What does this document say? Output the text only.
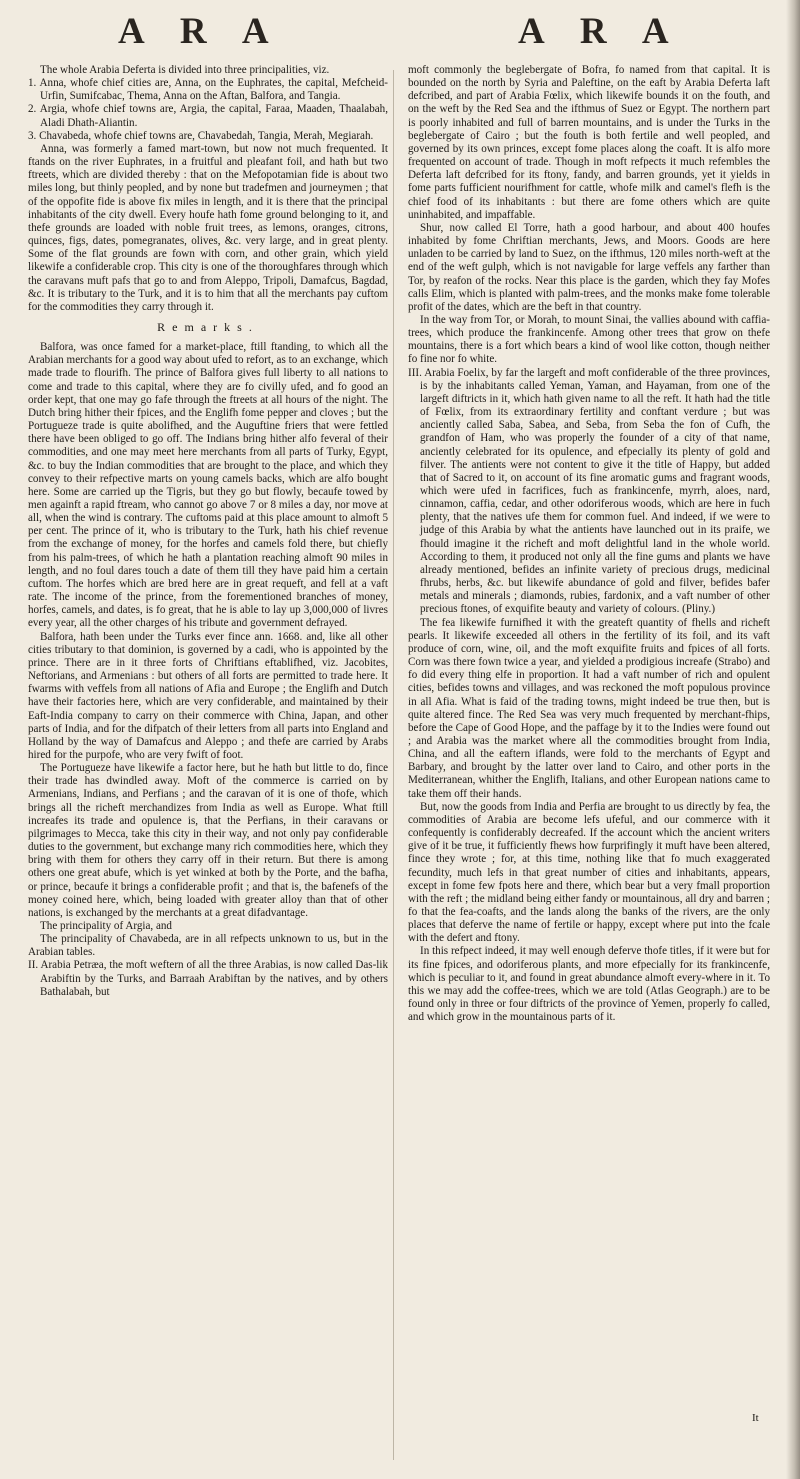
A R A	A R A

The whole Arabia Deferta is divided into three principalities, viz.

1. Anna, whofe chief cities are, Anna, on the Euphrates, the capital, Mefcheid-Urfin, Sumifcabac, Thema, Anna on the Aftan, Balfora, and Tangia.

2. Argia, whofe chief towns are, Argia, the capital, Faraa, Maaden, Thaalabah, Aladi Dhath-Aliantin.

3. Chavabeda, whofe chief towns are, Chavabedah, Tangia, Merah, Megiarah.

Anna, was formerly a famed mart-town, but now not much frequented. It ftands on the river Euphrates, in a fruitful and pleafant foil, and hath but two ftreets, which are divided thereby : that on the Mefopotamian fide is about two miles long, but thinly peopled, and by none but tradefmen and journeymen ; that of the oppofite fide is above fix miles in length, and it is there that the principal inhabitants of the city dwell. Every houfe hath fome ground belonging to it, and thefe grounds are loaded with noble fruit trees, as lemons, oranges, citrons, quinces, figs, dates, pomegranates, olives, &c. very large, and in great plenty. Some of the flat grounds are fown with corn, and other grain, which yield likewife a confiderable crop. This city is one of the thoroughfares through which the caravans muft pafs that go to and from Aleppo, Tripoli, Damafcus, Bagdad, &c. It is tributary to the Turk, and it is to him that all the merchants pay cuftom for the commodities they carry through it.

Remarks.

Balfora, was once famed for a market-place, ftill ftanding, to which all the Arabian merchants for a good way about ufed to refort, as to an exchange, which made trade to flourifh. The prince of Balfora gives full liberty to all nations to come and trade to this capital, where they are fo civilly ufed, and fo good an order kept, that one may go fafe through the ftreets at all hours of the night. The Dutch bring hither their fpices, and the Englifh fome pepper and cloves ; but the Portugueze trade is quite abolifhed, and the Auguftine friers that were fettled there have been obliged to go off. The Indians bring hither alfo feveral of their commodities, and one may meet here merchants from all parts of Turky, Egypt, &c. to buy the Indian commodities that are brought to the place, and which they convey to their refpective marts on young camels backs, which are alfo bought here. Some are carried up the Tigris, but they go but flowly, becaufe towed by men againft a rapid ftream, who cannot go above 7 or 8 miles a day, nor move at all, when the wind is contrary. The cuftoms paid at this place amount to almoft 5 per cent. The prince of it, who is tributary to the Turk, hath his chief revenue from the exchange of money, for the horfes and camels fold there, but chiefly from his palm-trees, of which he hath a plantation reaching almoft 90 miles in length, and no foul dares touch a date of them till they have paid him a certain cuftom. The horfes which are bred here are in great requeft, and fell at a vaft rate. The income of the prince, from the forementioned branches of money, horfes, camels, and dates, is fo great, that he is able to lay up 3,000,000 of livres every year, all the other charges of his tribute and government defrayed.

Balfora, hath been under the Turks ever fince ann. 1668. and, like all other cities tributary to that dominion, is governed by a cadi, who is appointed by the prince. There are in it three forts of Chriftians eftablifhed, viz. Jacobites, Neftorians, and Armenians : but others of all forts are permitted to trade here. It fwarms with veffels from all nations of Afia and Europe ; the Englifh and Dutch have their factories here, which are very confiderable, and maintained by their Eaft-India company to carry on their commerce with China, Japan, and other parts of India, and for the difpatch of their letters from all parts into England and Holland by the way of Damafcus and Aleppo ; and thefe are carried by Arabs hired for the purpofe, who are very fwift of foot.

The Portugueze have likewife a factor here, but he hath but little to do, fince their trade has dwindled away. Moft of the commerce is carried on by Armenians, Indians, and Perfians ; and the caravan of it is one of thofe, which brings all the richeft merchandizes from India as well as Europe. What ftill increafes its trade and opulence is, that the Perfians, in their caravans or pilgrimages to Mecca, take this city in their way, and not only pay confiderable duties to the government, but exchange many rich commodities here, which they bring with them for others they carry off in their return. But there is among others one great abufe, which is yet winked at both by the Porte, and the bafha, or prince, becaufe it brings a confiderable profit ; and that is, the bafenefs of the money coined here, which, being loaded with greater alloy than that of other nations, is exchanged by the merchants at a great difadvantage.

The principality of Argia, and

The principality of Chavabeda, are in all refpects unknown to us, but in the Arabian tables.

II. Arabia Petræa, the moft weftern of all the three Arabias, is now called Das-lik Arabiftin by the Turks, and Barraah Arabiftan by the natives, and by others Bathalabah, but

moft commonly the beglebergate of Bofra, fo named from that capital. It is bounded on the north by Syria and Paleftine, on the eaft by Arabia Deferta laft defcribed, and part of Arabia Fœlix, which likewife bounds it on the fouth, and on the weft by the Red Sea and the ifthmus of Suez or Egypt. The northern part is poorly inhabited and full of barren mountains, and is under the Turks in the beglebergate of Cairo ; but the fouth is both fertile and well peopled, and governed by its own princes, except fome places along the coaft. It is alfo more frequented on account of trade. Though in moft refpects it much refembles the Deferta laft defcribed for its ftony, fandy, and barren grounds, yet it yields in fome parts fufficient nourifhment for cattle, whofe milk and camel's flefh is the chief food of its inhabitants : but there are fome others which are quite uninhabited, and impaffable.

Shur, now called El Torre, hath a good harbour, and about 400 houfes inhabited by fome Chriftian merchants, Jews, and Moors. Goods are here unladen to be carried by land to Suez, on the ifthmus, 120 miles north-weft at the end of the weft gulph, which is not navigable for large veffels any farther than Tor, by reafon of the rocks. Near this place is the garden, which they fay Mofes calls Elim, which is planted with palm-trees, and the monks make fome tolerable profit of the dates, which are the beft in that country.

In the way from Tor, or Morah, to mount Sinai, the vallies abound with caffia-trees, which produce the frankincenfe. Among other trees that grow on thefe mountains, there is a fort which bears a kind of wool like cotton, though neither fo fine nor fo white.

III. Arabia Foelix, by far the largeft and moft confiderable of the three provinces, is by the inhabitants called Yeman, Yaman, and Hayaman, from one of the largeft diftricts in it, which hath given name to all the reft. It hath had the title of Fœlix, from its extraordinary fertility and conftant verdure ; but was anciently called Saba, Sabea, and Seba, from Seba the fon of Cufh, the grandfon of Ham, who was properly the founder of a city of that name, anciently celebrated for its opulence, and efpecially its plenty of gold and filver. The antients were not content to give it the title of Happy, but added that of Sacred to it, on account of its fine aromatic gums and fragrant woods, which were ufed in facrifices, fuch as frankincenfe, myrrh, aloes, nard, cinnamon, caffia, cedar, and other odoriferous woods, which are here in fuch plenty, that the natives ufe them for common fuel. And indeed, if we were to judge of this Arabia by what the antients have launched out in its praife, we fhould imagine it the richeft and moft delightful land in the whole world. According to them, it produced not only all the fine gums and plants we have already mentioned, befides an infinite variety of precious drugs, medicinal fhrubs, herbs, &c. but likewife abundance of gold and filver, befides bafer metals and minerals ; diamonds, rubies, fardonix, and a vaft number of other precious ftones, of exquifite beauty and variety of colours. (Pliny.)

The fea likewife furnifhed it with the greateft quantity of fhells and richeft pearls. It likewife exceeded all others in the fertility of its foil, and its vaft produce of corn, wine, oil, and the moft exquifite fruits and fpices of all forts. Corn was there fown twice a year, and yielded a prodigious increafe (Strabo) and fo did every thing elfe in proportion. It had a vaft number of rich and opulent cities, befides towns and villages, and was reckoned the moft populous province in all Afia. What is faid of the trading towns, might indeed be true then, but is quite altered fince. The Red Sea was very much frequented by merchant-fhips, before the Cape of Good Hope, and the paffage by it to the Indies were found out ; and Arabia was the market where all the commodities brought from India, China, and all the eaftern iflands, were fold to the merchants of Egypt and Barbary, and brought by the latter over land to Cairo, and other ports in the Mediterranean, whither the Englifh, Italians, and other European nations came to take them off their hands.

But, now the goods from India and Perfia are brought to us directly by fea, the commodities of Arabia are become lefs ufeful, and our commerce with it confequently is confiderably decreafed. If the account which the ancient writers give of it be true, it fufficiently fhews how furprifingly it muft have been altered, fince they wrote ; for, at this time, nothing like that fo much exaggerated fecundity, much lefs in that great number of cities and inhabitants, appears, except in fome few fpots here and there, which bear but a very fmall proportion with the reft ; the midland being either fandy or mountainous, all dry and barren ; fo that the fea-coafts, and the lands along the banks of the rivers, are the only places that deferve the name of fertile or happy, except where put into the fcale with the defert and ftony.

In this refpect indeed, it may well enough deferve thofe titles, if it were but for its fine fpices, and odoriferous plants, and more efpecially for its frankincenfe, which is peculiar to it, and found in great abundance almoft every-where in it. To this we may add the coffee-trees, which we are told (Atlas Geograph.) are to be found only in three or four diftricts of the province of Yemen, properly fo called, and which grow in the mountainous parts of it.

It
